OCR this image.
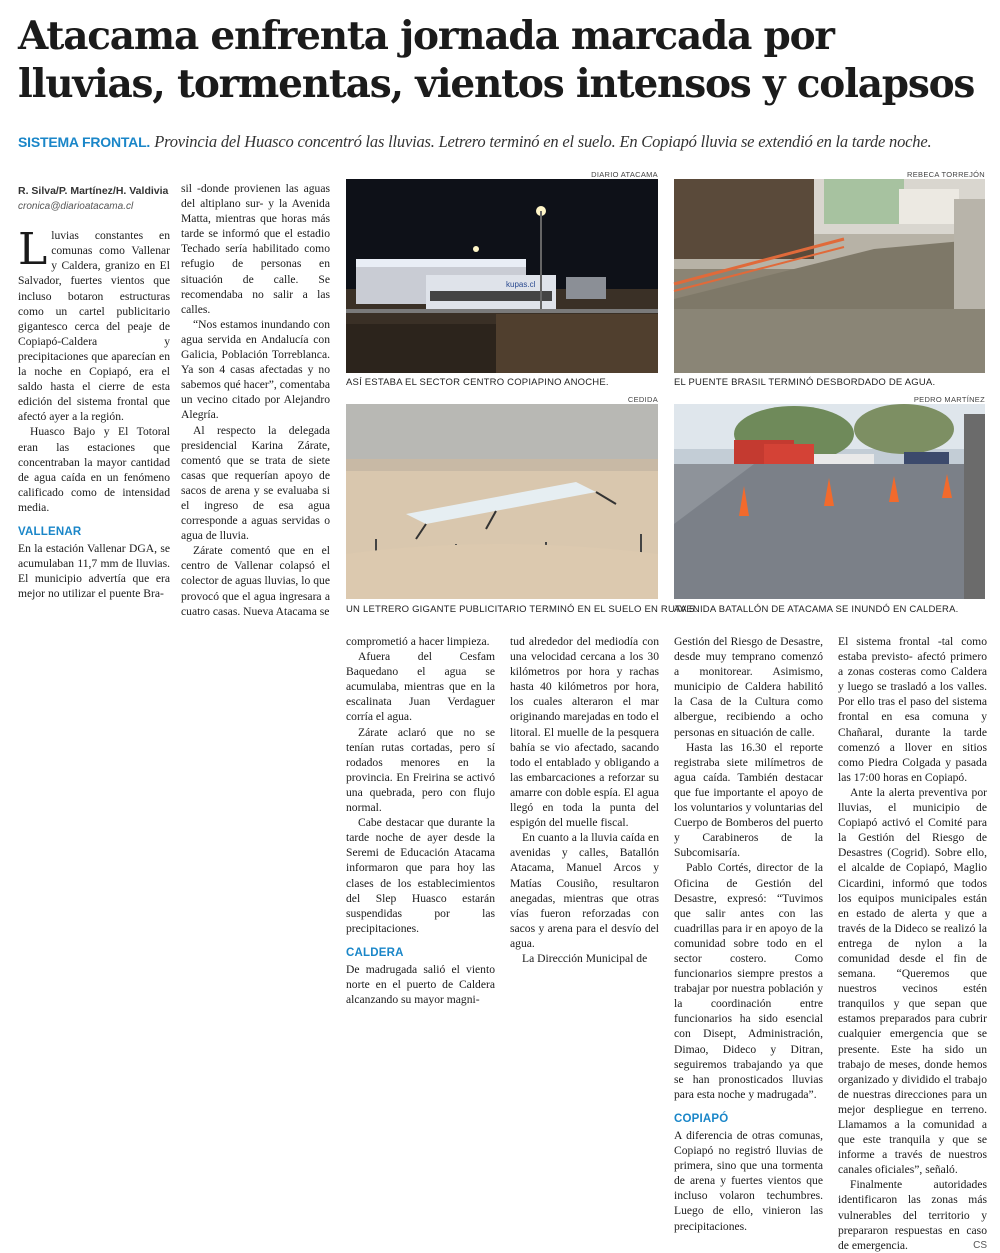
Atacama enfrenta jornada marcada por lluvias, tormentas, vientos intensos y colapsos
SISTEMA FRONTAL. Provincia del Huasco concentró las lluvias. Letrero terminó en el suelo. En Copiapó lluvia se extendió en la tarde noche.
R. Silva/P. Martínez/H. Valdivia
cronica@diarioatacama.cl

Lluvias constantes en comunas como Vallenar y Caldera, granizo en El Salvador, fuertes vientos que incluso botaron estructuras como un cartel publicitario gigantesco cerca del peaje de Copiapó-Caldera y precipitaciones que aparecían en la noche en Copiapó, era el saldo hasta el cierre de esta edición del sistema frontal que afectó ayer a la región.

Huasco Bajo y El Totoral eran las estaciones que concentraban la mayor cantidad de agua caída en un fenómeno calificado como de intensidad media.

VALLENAR

En la estación Vallenar DGA, se acumulaban 11,7 mm de lluvias. El municipio advertía que era mejor no utilizar el puente Bra-

sil -donde provienen las aguas del altiplano sur- y la Avenida Matta, mientras que horas más tarde se informó que el estadio Techado sería habilitado como refugio de personas en situación de calle. Se recomendaba no salir a las calles.

“Nos estamos inundando con agua servida en Andalucía con Galicia, Población Torreblanca. Ya son 4 casas afectadas y no sabemos qué hacer”, comentaba un vecino citado por Alejandro Alegría.

Al respecto la delegada presidencial Karina Zárate, comentó que se trata de siete casas que requerían apoyo de sacos de arena y se evaluaba si el ingreso de esa agua corresponde a aguas servidas o agua de lluvia.

Zárate comentó que en el centro de Vallenar colapsó el colector de aguas lluvias, lo que provocó que el agua ingresara a cuatro casas. Nueva Atacama se

DIARIO ATACAMA
kupas.cl
ASÍ ESTABA EL SECTOR CENTRO COPIAPINO ANOCHE.
REBECA TORREJÓN
EL PUENTE BRASIL TERMINÓ DESBORDADO DE AGUA.
CEDIDA
UN LETRERO GIGANTE PUBLICITARIO TERMINÓ EN EL SUELO EN RUTA 5.
PEDRO MARTÍNEZ
AVENIDA BATALLÓN DE ATACAMA SE INUNDÓ EN CALDERA.

comprometió a hacer limpieza.

Afuera del Cesfam Baquedano el agua se acumulaba, mientras que en la escalinata Juan Verdaguer corría el agua.

Zárate aclaró que no se tenían rutas cortadas, pero sí rodados menores en la provincia. En Freirina se activó una quebrada, pero con flujo normal.

Cabe destacar que durante la tarde noche de ayer desde la Seremi de Educación Atacama informaron que para hoy las clases de los establecimientos del Slep Huasco estarán suspendidas por las precipitaciones.

CALDERA

De madrugada salió el viento norte en el puerto de Caldera alcanzando su mayor magni-

tud alrededor del mediodía con una velocidad cercana a los 30 kilómetros por hora y rachas hasta 40 kilómetros por hora, los cuales alteraron el mar originando marejadas en todo el litoral. El muelle de la pesquera bahía se vio afectado, sacando todo el entablado y obligando a las embarcaciones a reforzar su amarre con doble espía. El agua llegó en toda la punta del espigón del muelle fiscal.

En cuanto a la lluvia caída en avenidas y calles, Batallón Atacama, Manuel Arcos y Matías Cousiño, resultaron anegadas, mientras que otras vías fueron reforzadas con sacos y arena para el desvío del agua.

La Dirección Municipal de

Gestión del Riesgo de Desastre, desde muy temprano comenzó a monitorear. Asimismo, municipio de Caldera habilitó la Casa de la Cultura como albergue, recibiendo a ocho personas en situación de calle.

Hasta las 16.30 el reporte registraba siete milímetros de agua caída. También destacar que fue importante el apoyo de los voluntarios y voluntarias del Cuerpo de Bomberos del puerto y Carabineros de la Subcomisaría.

Pablo Cortés, director de la Oficina de Gestión del Desastre, expresó: “Tuvimos que salir antes con las cuadrillas para ir en apoyo de la comunidad sobre todo en el sector costero. Como funcionarios siempre prestos a trabajar por nuestra población y la coordinación entre funcionarios ha sido esencial con Disept, Administración, Dimao, Dideco y Ditran, seguiremos trabajando ya que se han pronosticados lluvias para esta noche y madrugada”.

COPIAPÓ

A diferencia de otras comunas, Copiapó no registró lluvias de primera, sino que una tormenta de arena y fuertes vientos que incluso volaron techumbres. Luego de ello, vinieron las precipitaciones.

El sistema frontal -tal como estaba previsto- afectó primero a zonas costeras como Caldera y luego se trasladó a los valles. Por ello tras el paso del sistema frontal en esa comuna y Chañaral, durante la tarde comenzó a llover en sitios como Piedra Colgada y pasada las 17:00 horas en Copiapó.

Ante la alerta preventiva por lluvias, el municipio de Copiapó activó el Comité para la Gestión del Riesgo de Desastres (Cogrid). Sobre ello, el alcalde de Copiapó, Maglio Cicardini, informó que todos los equipos municipales están en estado de alerta y que a través de la Dideco se realizó la entrega de nylon a la comunidad desde el fin de semana. “Queremos que nuestros vecinos estén tranquilos y que sepan que estamos preparados para cubrir cualquier emergencia que se presente. Este ha sido un trabajo de meses, donde hemos organizado y dividido el trabajo de nuestras direcciones para un mejor despliegue en terreno. Llamamos a la comunidad a que este tranquila y que se informe a través de nuestros canales oficiales”, señaló.

Finalmente autoridades identificaron las zonas más vulnerables del territorio y prepararon respuestas en caso de emergencia.	CS
